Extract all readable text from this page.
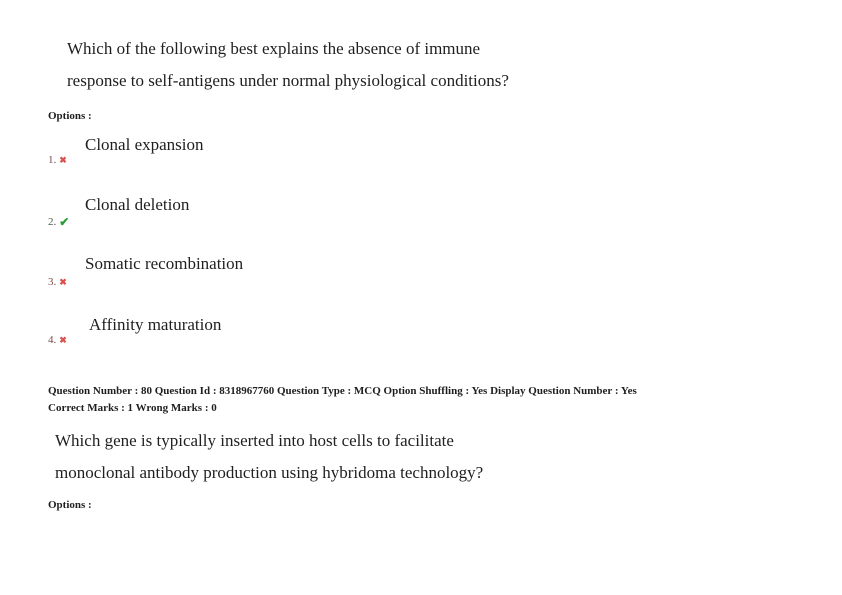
Which of the following best explains the absence of immune
response to self-antigens under normal physiological conditions?
Options :
Clonal expansion
1. ✖
Clonal deletion
2. ✔
Somatic recombination
3. ✖
Affinity maturation
4. ✖
Question Number : 80 Question Id : 8318967760 Question Type : MCQ Option Shuffling : Yes Display Question Number : Yes
Correct Marks : 1 Wrong Marks : 0
Which gene is typically inserted into host cells to facilitate
monoclonal antibody production using hybridoma technology?
Options :
